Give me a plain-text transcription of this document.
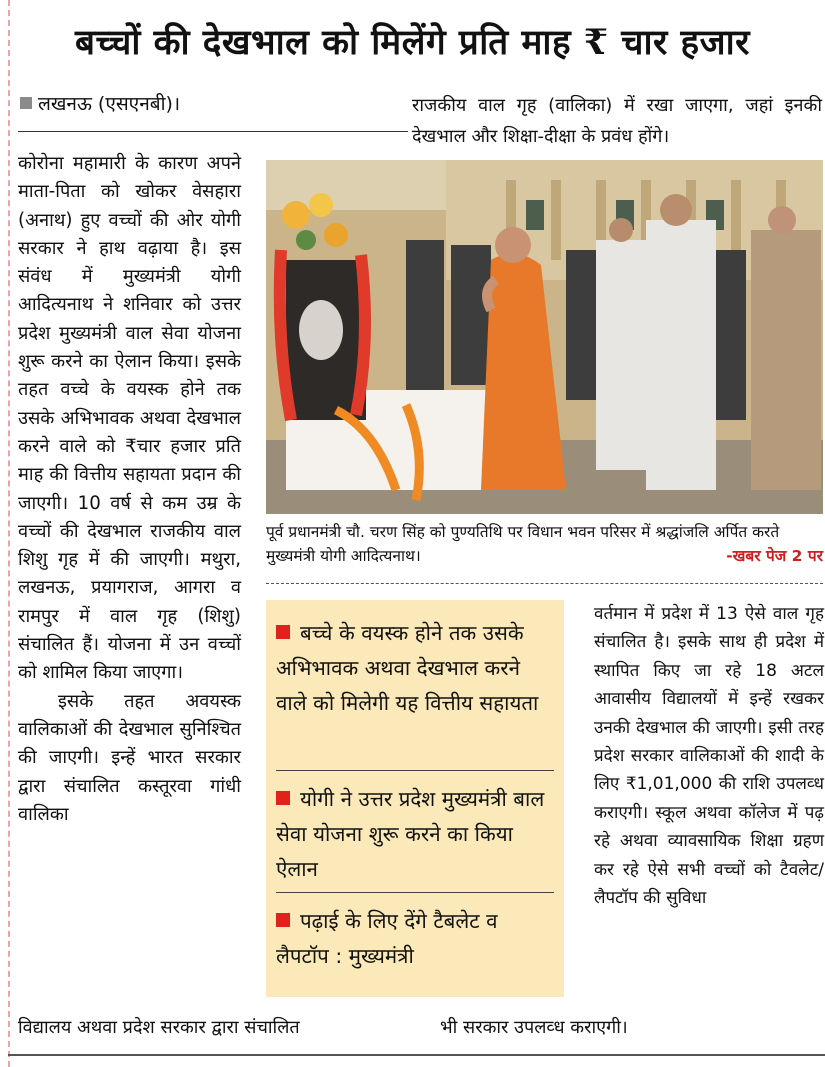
बच्चों की देखभाल को मिलेंगे प्रति माह ₹ चार हजार
लखनऊ (एसएनबी)।	राजकीय वाल गृह (वालिका) में रखा जाएगा, जहां इनकी देखभाल और शिक्षा-दीक्षा के प्रवंध होंगे।

कोरोना महामारी के कारण अपने माता-पिता को खोकर वेसहारा (अनाथ) हुए वच्चों की ओर योगी सरकार ने हाथ वढ़ाया है। इस संवंध में मुख्यमंत्री योगी आदित्यनाथ ने शनिवार को उत्तर प्रदेश मुख्यमंत्री वाल सेवा योजना शुरू करने का ऐलान किया। इसके तहत वच्चे के वयस्क होने तक उसके अभिभावक अथवा देखभाल करने वाले को ₹चार हजार प्रति माह की वित्तीय सहायता प्रदान की जाएगी। 10 वर्ष से कम उम्र के वच्चों की देखभाल राजकीय वाल शिशु गृह में की जाएगी। मथुरा, लखनऊ, प्रयागराज, आगरा व रामपुर में वाल गृह (शिशु) संचालित हैं। योजना में उन वच्चों को शामिल किया जाएगा।

इसके तहत अवयस्क वालिकाओं की देखभाल सुनिश्चित की जाएगी। इन्हें भारत सरकार द्वारा संचालित कस्तूरवा गांधी वालिका

पूर्व प्रधानमंत्री चौ. चरण सिंह को पुण्यतिथि पर विधान भवन परिसर में श्रद्धांजलि अर्पित करते मुख्यमंत्री योगी आदित्यनाथ।	-खबर पेज 2 पर
बच्चे के वयस्क होने तक उसके अभिभावक अथवा देखभाल करने वाले को मिलेगी यह वित्तीय सहायता
योगी ने उत्तर प्रदेश मुख्यमंत्री बाल सेवा योजना शुरू करने का किया ऐलान
पढ़ाई के लिए देंगे टैबलेट व लैपटॉप : मुख्यमंत्री
वर्तमान में प्रदेश में 13 ऐसे वाल गृह संचालित है। इसके साथ ही प्रदेश में स्थापित किए जा रहे 18 अटल आवासीय विद्यालयों में इन्हें रखकर उनकी देखभाल की जाएगी। इसी तरह प्रदेश सरकार वालिकाओं की शादी के लिए ₹1,01,000 की राशि उपलव्ध कराएगी। स्कूल अथवा कॉलेज में पढ़ रहे अथवा व्यावसायिक शिक्षा ग्रहण कर रहे ऐसे सभी वच्चों को टैवलेट/लैपटॉप की सुविधा
विद्यालय अथवा प्रदेश सरकार द्वारा संचालित	भी सरकार उपलव्ध कराएगी।
